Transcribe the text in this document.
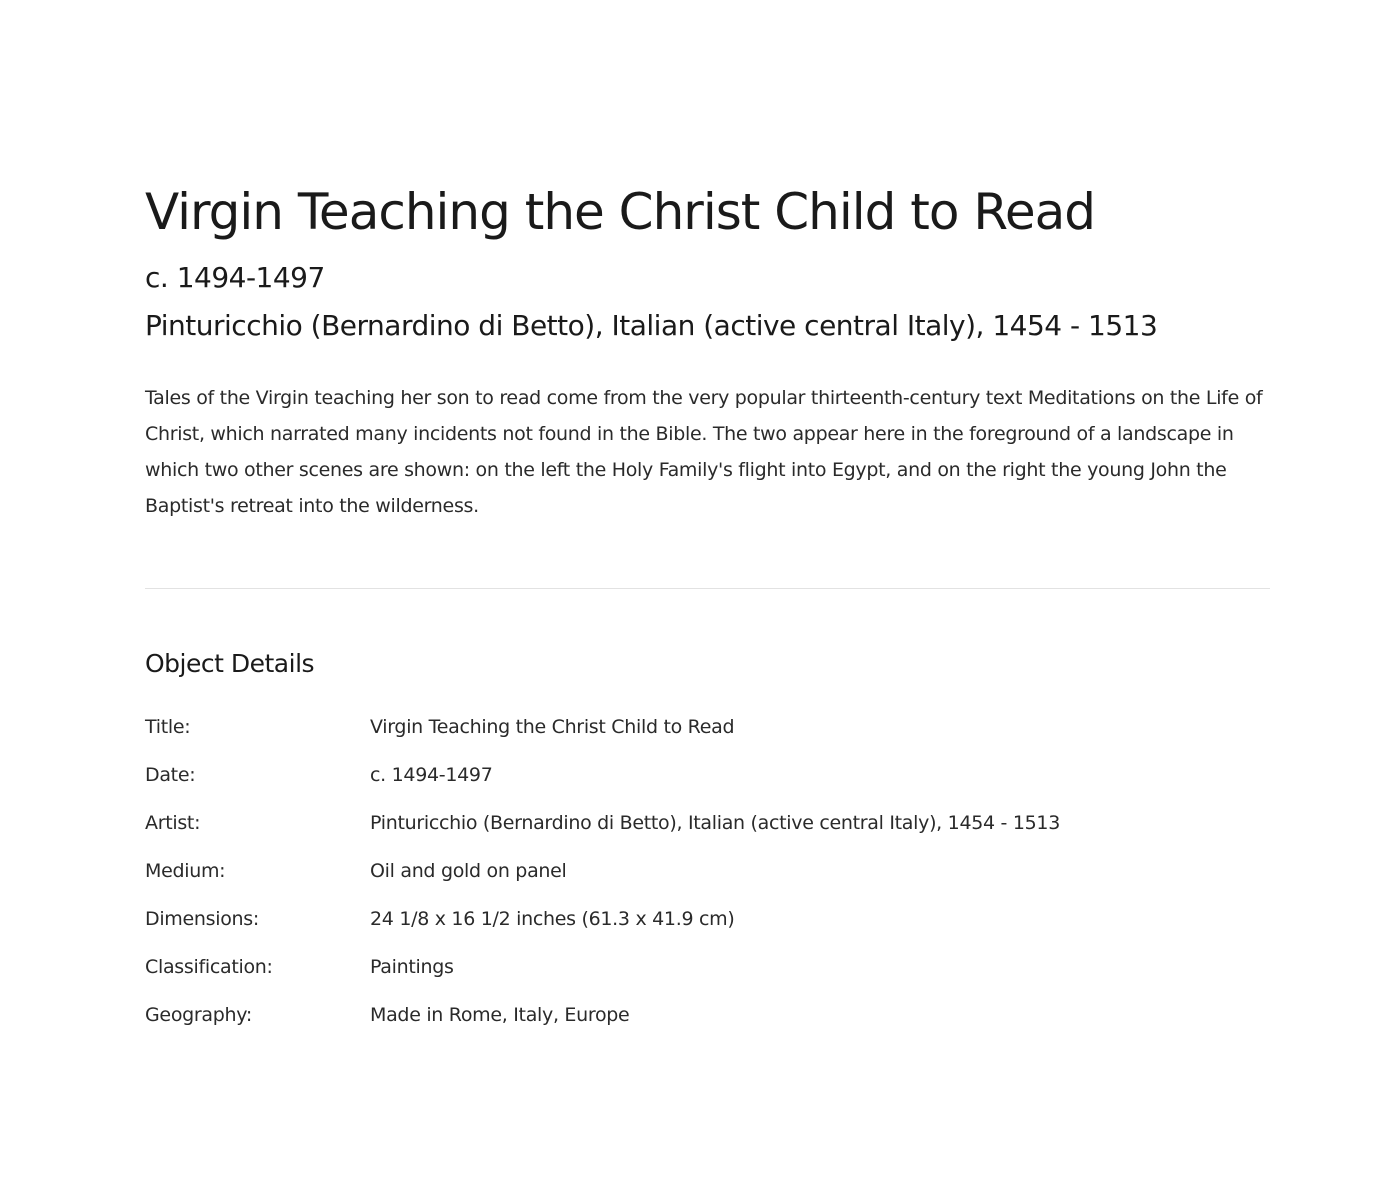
Virgin Teaching the Christ Child to Read
c. 1494-1497
Pinturicchio (Bernardino di Betto), Italian (active central Italy), 1454 - 1513

Tales of the Virgin teaching her son to read come from the very popular thirteenth-century text Meditations on the Life of Christ, which narrated many incidents not found in the Bible. The two appear here in the foreground of a landscape in which two other scenes are shown: on the left the Holy Family's flight into Egypt, and on the right the young John the Baptist's retreat into the wilderness.

Object Details
Title:	Virgin Teaching the Christ Child to Read
Date:	c. 1494-1497
Artist:	Pinturicchio (Bernardino di Betto), Italian (active central Italy), 1454 - 1513
Medium:	Oil and gold on panel
Dimensions:	24 1/8 x 16 1/2 inches (61.3 x 41.9 cm)
Classification:	Paintings
Geography:	Made in Rome, Italy, Europe
